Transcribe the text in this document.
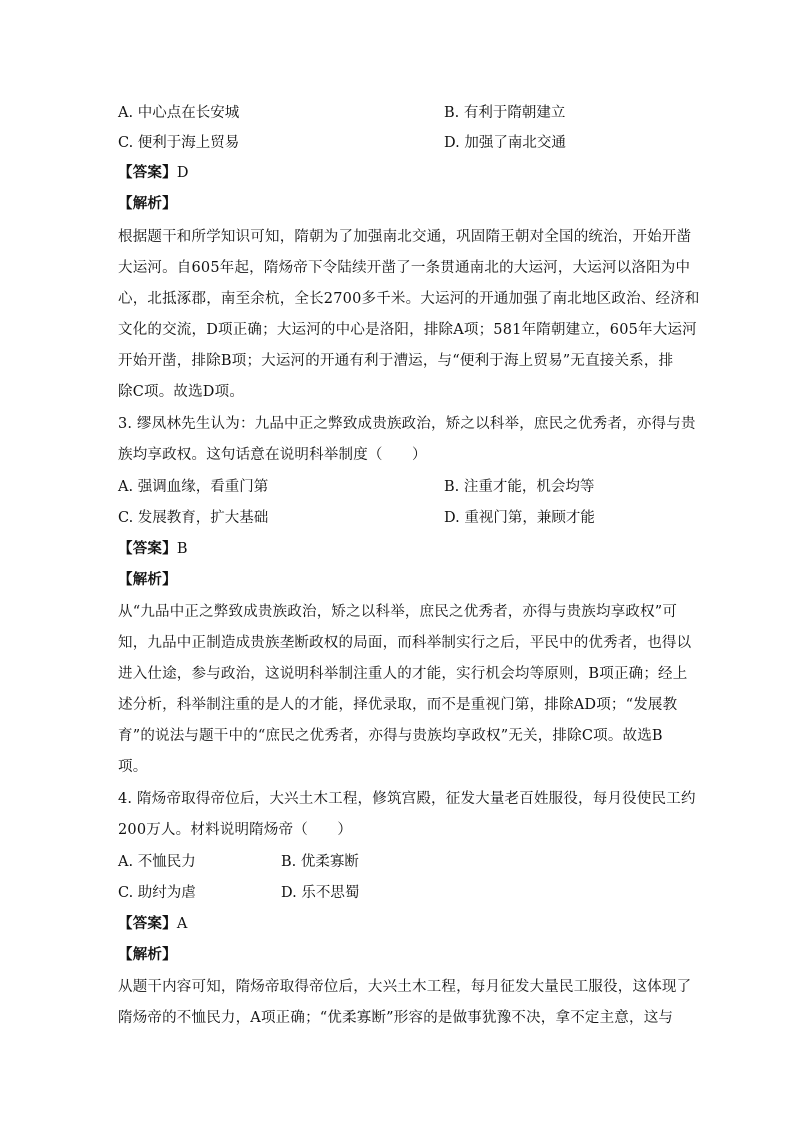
A. 中心点在长安城	B. 有利于隋朝建立
C. 便利于海上贸易	D. 加强了南北交通
【答案】D
【解析】
根据题干和所学知识可知，隋朝为了加强南北交通，巩固隋王朝对全国的统治，开始开凿
大运河。自605年起，隋炀帝下令陆续开凿了一条贯通南北的大运河，大运河以洛阳为中
心，北抵涿郡，南至余杭，全长2700多千米。大运河的开通加强了南北地区政治、经济和
文化的交流，D项正确；大运河的中心是洛阳，排除A项；581年隋朝建立，605年大运河
开始开凿，排除B项；大运河的开通有利于漕运，与“便利于海上贸易”无直接关系，排
除C项。故选D项。
3. 缪凤林先生认为：九品中正之弊致成贵族政治，矫之以科举，庶民之优秀者，亦得与贵
族均享政权。这句话意在说明科举制度（　　）
A. 强调血缘，看重门第	B. 注重才能，机会均等
C. 发展教育，扩大基础	D. 重视门第，兼顾才能
【答案】B
【解析】
从“九品中正之弊致成贵族政治，矫之以科举，庶民之优秀者，亦得与贵族均享政权”可
知，九品中正制造成贵族垄断政权的局面，而科举制实行之后，平民中的优秀者，也得以
进入仕途，参与政治，这说明科举制注重人的才能，实行机会均等原则，B项正确；经上
述分析，科举制注重的是人的才能，择优录取，而不是重视门第，排除AD项；“发展教
育”的说法与题干中的“庶民之优秀者，亦得与贵族均享政权”无关，排除C项。故选B
项。
4. 隋炀帝取得帝位后，大兴土木工程，修筑宫殿，征发大量老百姓服役，每月役使民工约
200万人。材料说明隋炀帝（　　）
A. 不恤民力	B. 优柔寡断
C. 助纣为虐	D. 乐不思蜀
【答案】A
【解析】
从题干内容可知，隋炀帝取得帝位后，大兴土木工程，每月征发大量民工服役，这体现了
隋炀帝的不恤民力，A项正确；“优柔寡断”形容的是做事犹豫不决，拿不定主意，这与
